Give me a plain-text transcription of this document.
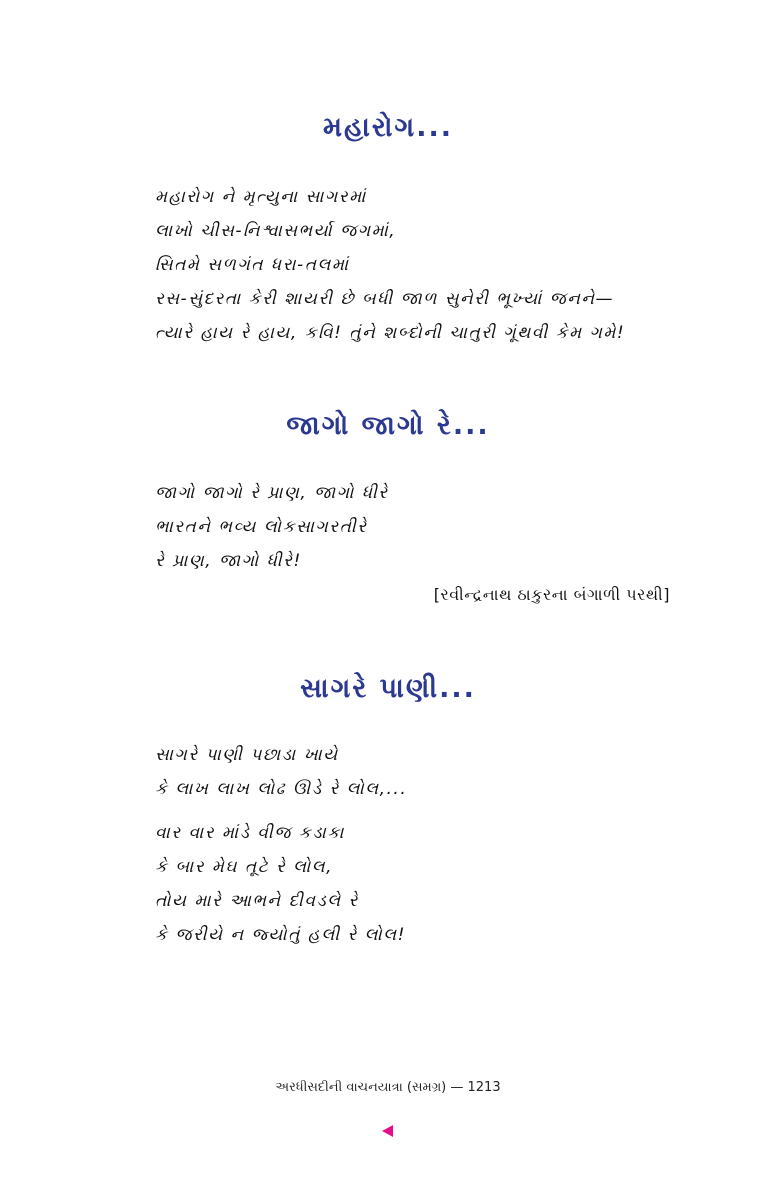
મહારોગ...
મહારોગ ને મૃત્યુના સાગરમાં
લાખો ચીસ-નિશ્વાસભર્યા જગમાં,
સિતમે સળગંત ધરા-તલમાં
રસ-સુંદરતા કેરી શાયરી છે બધી જાળ સુનેરી ભૂખ્યાં જનને—
ત્યારે હાય રે હાય, કવિ! તુંને શબ્દોની ચાતુરી ગૂંથવી કેમ ગમે!
જાગો જાગો રે...
જાગો જાગો રે પ્રાણ, જાગો ધીરે
ભારતને ભવ્ય લોકસાગરતીરે
રે પ્રાણ, જાગો ધીરે!
[રવીન્દ્રનાથ ઠાકુરના બંગાળી પરથી]
સાગરે પાણી...
સાગરે પાણી પછાડા ખાયે
કે લાખ લાખ લોઢ ઊડે રે લોલ,...
વાર વાર માંડે વીજ કડાકા
કે બાર મેઘ તૂટે રે લોલ,
તોય મારે આભને દીવડલે રે
કે જરીયે ન જ્યોતું હલી રે લોલ!
અરધીસદીની વાચનયાત્રા (સમગ્ર) — 1213
